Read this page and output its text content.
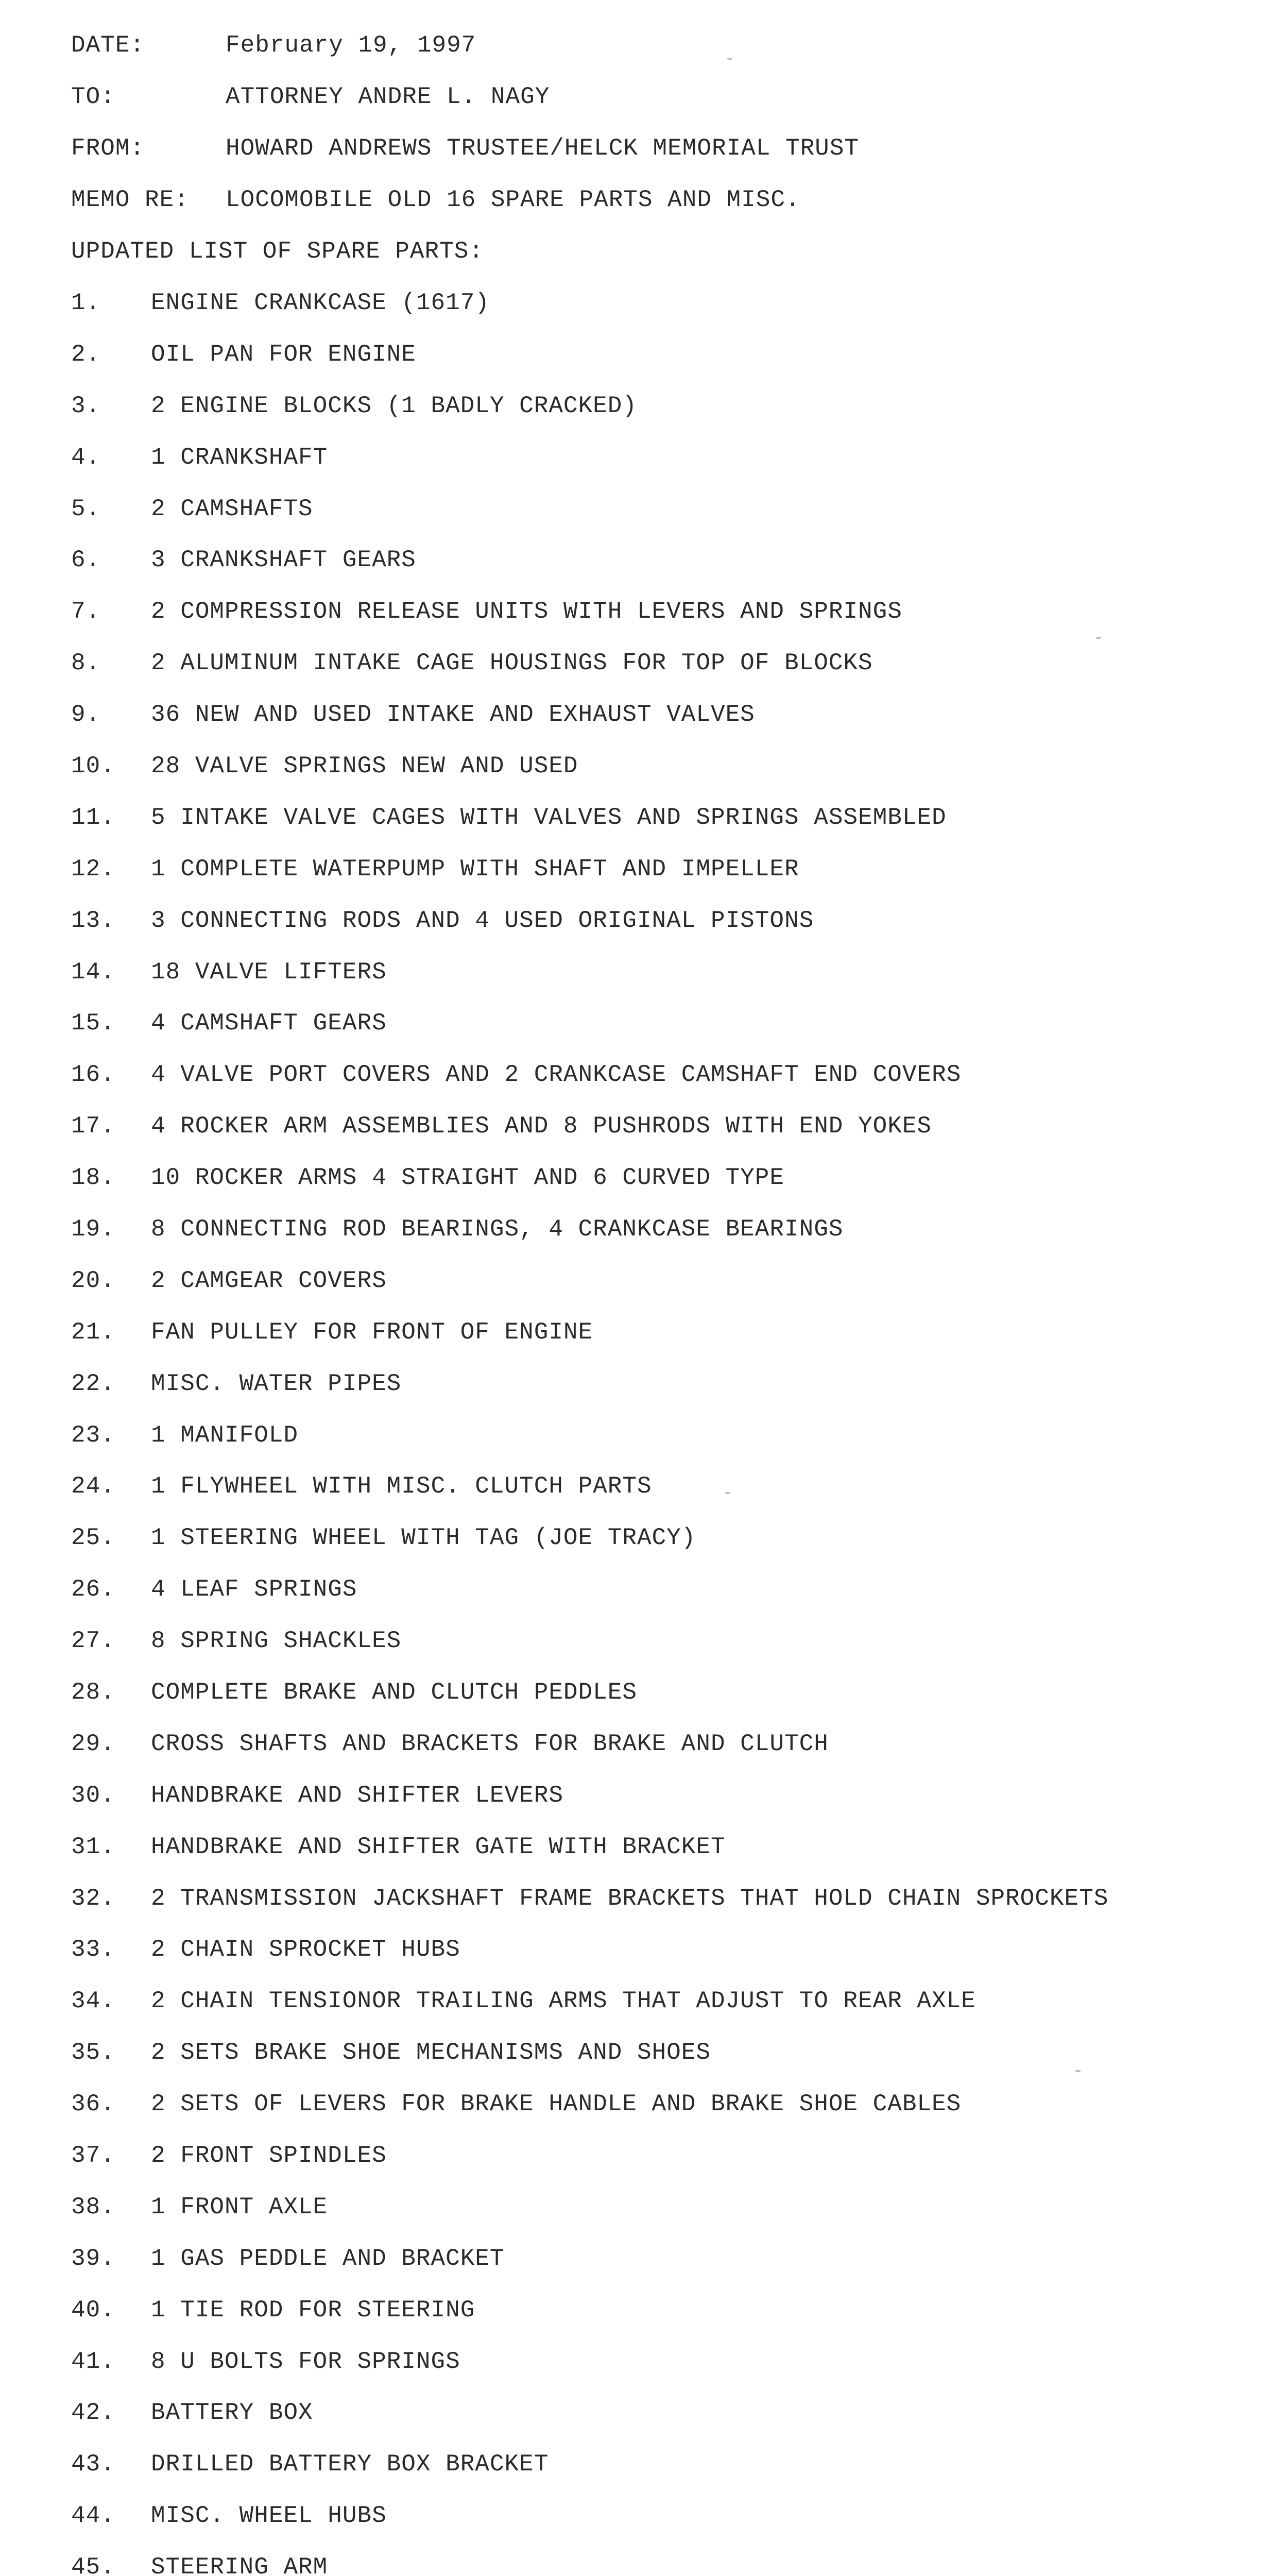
DATE:	February 19, 1997
TO:	ATTORNEY ANDRE L. NAGY
FROM:	HOWARD ANDREWS TRUSTEE/HELCK MEMORIAL TRUST
MEMO RE:	LOCOMOBILE OLD 16 SPARE PARTS AND MISC.
UPDATED LIST OF SPARE PARTS:
1.	ENGINE CRANKCASE (1617)
2.	OIL PAN FOR ENGINE
3.	2 ENGINE BLOCKS (1 BADLY CRACKED)
4.	1 CRANKSHAFT
5.	2 CAMSHAFTS
6.	3 CRANKSHAFT GEARS
7.	2 COMPRESSION RELEASE UNITS WITH LEVERS AND SPRINGS
8.	2 ALUMINUM INTAKE CAGE HOUSINGS FOR TOP OF BLOCKS
9.	36 NEW AND USED INTAKE AND EXHAUST VALVES
10.	28 VALVE SPRINGS NEW AND USED
11.	5 INTAKE VALVE CAGES WITH VALVES AND SPRINGS ASSEMBLED
12.	1 COMPLETE WATERPUMP WITH SHAFT AND IMPELLER
13.	3 CONNECTING RODS AND 4 USED ORIGINAL PISTONS
14.	18 VALVE LIFTERS
15.	4 CAMSHAFT GEARS
16.	4 VALVE PORT COVERS AND 2 CRANKCASE CAMSHAFT END COVERS
17.	4 ROCKER ARM ASSEMBLIES AND 8 PUSHRODS WITH END YOKES
18.	10 ROCKER ARMS 4 STRAIGHT AND 6 CURVED TYPE
19.	8 CONNECTING ROD BEARINGS, 4 CRANKCASE BEARINGS
20.	2 CAMGEAR COVERS
21.	FAN PULLEY FOR FRONT OF ENGINE
22.	MISC. WATER PIPES
23.	1 MANIFOLD
24.	1 FLYWHEEL WITH MISC. CLUTCH PARTS
25.	1 STEERING WHEEL WITH TAG (JOE TRACY)
26.	4 LEAF SPRINGS
27.	8 SPRING SHACKLES
28.	COMPLETE BRAKE AND CLUTCH PEDDLES
29.	CROSS SHAFTS AND BRACKETS FOR BRAKE AND CLUTCH
30.	HANDBRAKE AND SHIFTER LEVERS
31.	HANDBRAKE AND SHIFTER GATE WITH BRACKET
32.	2 TRANSMISSION JACKSHAFT FRAME BRACKETS THAT HOLD CHAIN SPROCKETS
33.	2 CHAIN SPROCKET HUBS
34.	2 CHAIN TENSIONOR TRAILING ARMS THAT ADJUST TO REAR AXLE
35.	2 SETS BRAKE SHOE MECHANISMS AND SHOES
36.	2 SETS OF LEVERS FOR BRAKE HANDLE AND BRAKE SHOE CABLES
37.	2 FRONT SPINDLES
38.	1 FRONT AXLE
39.	1 GAS PEDDLE AND BRACKET
40.	1 TIE ROD FOR STEERING
41.	8 U BOLTS FOR SPRINGS
42.	BATTERY BOX
43.	DRILLED BATTERY BOX BRACKET
44.	MISC. WHEEL HUBS
45.	STEERING ARM
